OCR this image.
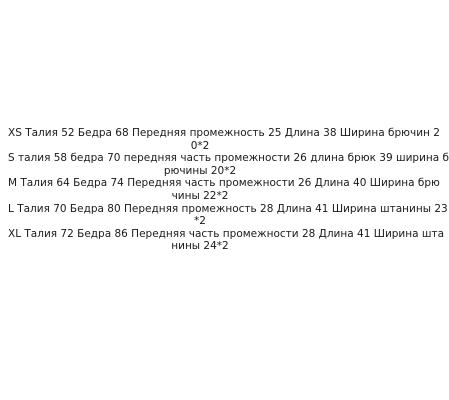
XS Талия 52 Бедра 68 Передняя промежность 25 Длина 38 Ширина брючин 2
0*2

S талия 58 бедра 70 передняя часть промежности 26 длина брюк 39 ширина б
рючины 20*2

M Талия 64 Бедра 74 Передняя часть промежности 26 Длина 40 Ширина брю
чины 22*2

L Талия 70 Бедра 80 Передняя промежность 28 Длина 41 Ширина штанины 23
*2

XL Талия 72 Бедра 86 Передняя часть промежности 28 Длина 41 Ширина шта
нины 24*2
